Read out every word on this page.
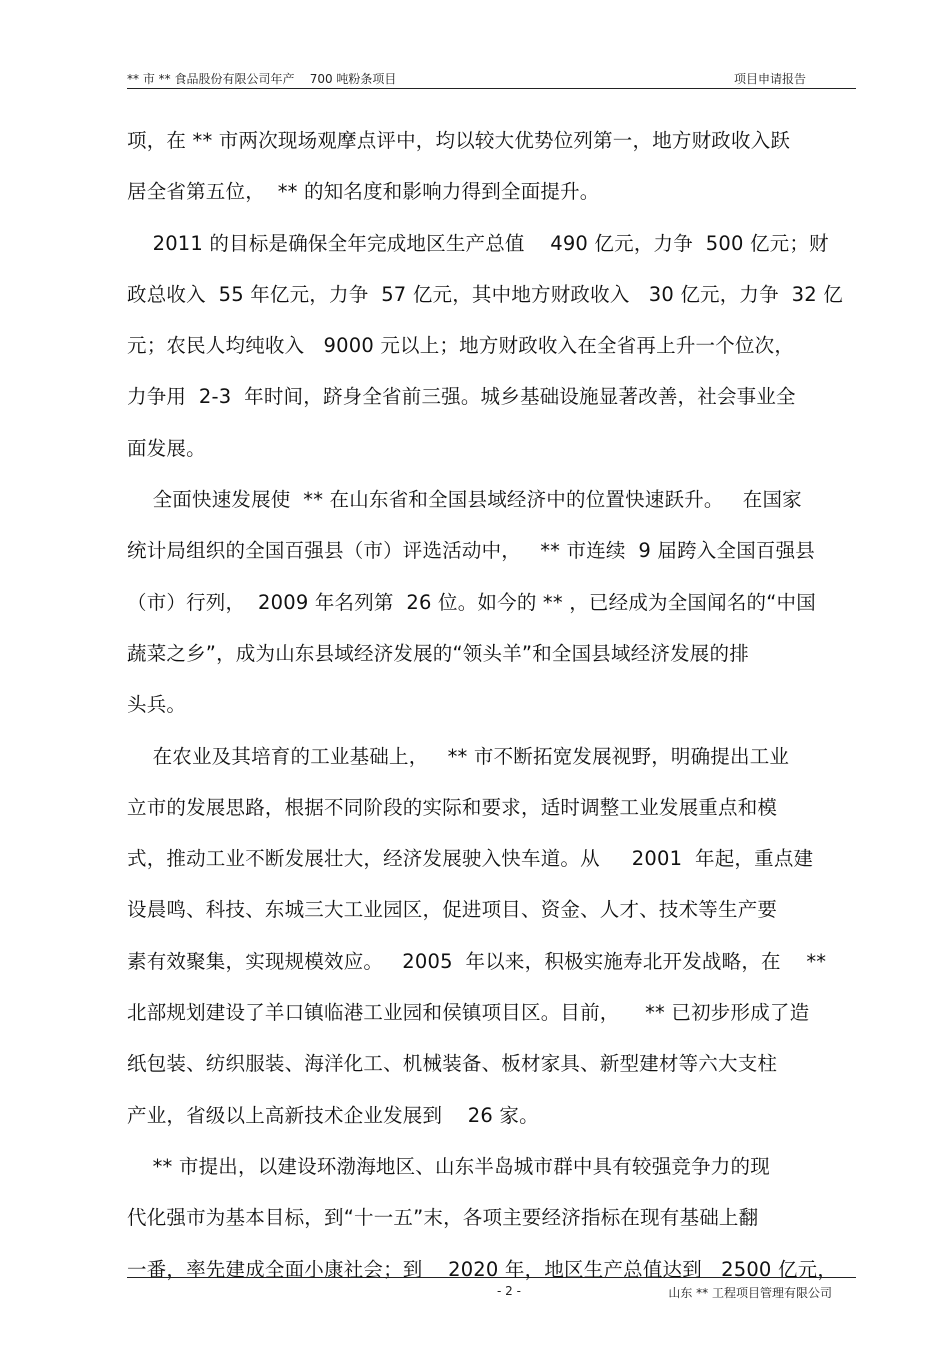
** 市 ** 食品股份有限公司年产    700 吨粉条项目	项目申请报告
项，在 ** 市两次现场观摩点评中，均以较大优势位列第一，地方财政收入跃
居全省第五位，  ** 的知名度和影响力得到全面提升。
2011 的目标是确保全年完成地区生产总值    490 亿元，力争  500 亿元；财
政总收入  55 年亿元，力争  57 亿元，其中地方财政收入   30 亿元，力争  32 亿
元；农民人均纯收入   9000 元以上；地方财政收入在全省再上升一个位次，
力争用  2-3  年时间，跻身全省前三强。城乡基础设施显著改善，社会事业全
面发展。
全面快速发展使  ** 在山东省和全国县域经济中的位置快速跃升。   在国家
统计局组织的全国百强县（市）评选活动中，   ** 市连续  9 届跨入全国百强县
（市）行列，  2009 年名列第  26 位。如今的 ** ，已经成为全国闻名的“中国
蔬菜之乡”，成为山东县域经济发展的“领头羊”和全国县域经济发展的排
头兵。
在农业及其培育的工业基础上，   ** 市不断拓宽发展视野，明确提出工业
立市的发展思路，根据不同阶段的实际和要求，适时调整工业发展重点和模
式，推动工业不断发展壮大，经济发展驶入快车道。从     2001  年起，重点建
设晨鸣、科技、东城三大工业园区，促进项目、资金、人才、技术等生产要
素有效聚集，实现规模效应。   2005  年以来，积极实施寿北开发战略，在    **
北部规划建设了羊口镇临港工业园和侯镇项目区。目前，    ** 已初步形成了造
纸包装、纺织服装、海洋化工、机械装备、板材家具、新型建材等六大支柱
产业，省级以上高新技术企业发展到    26 家。
** 市提出，以建设环渤海地区、山东半岛城市群中具有较强竞争力的现
代化强市为基本目标，到“十一五”末，各项主要经济指标在现有基础上翻
一番，率先建成全面小康社会；到    2020 年，地区生产总值达到   2500 亿元，
- 2 -	山东 ** 工程项目管理有限公司
